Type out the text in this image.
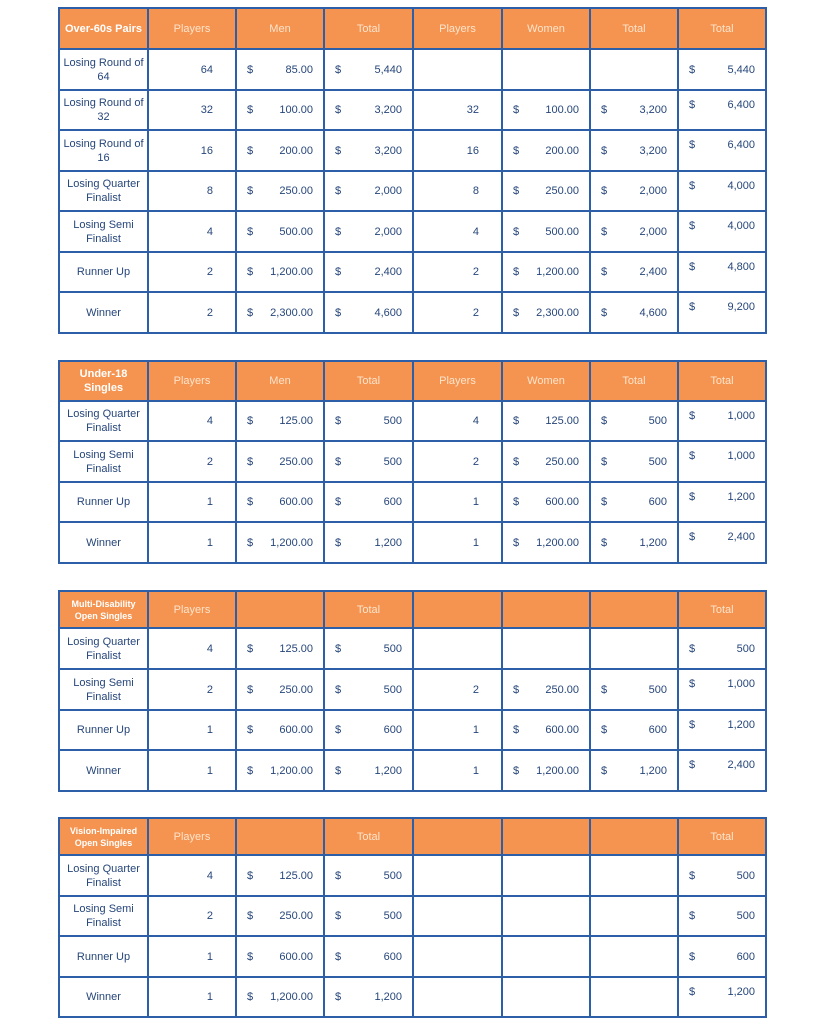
Over-60s Pairs	Players	Men	Total	Players	Women	Total	Total
Losing Round of 64	64	$ 85.00	$ 5,440				$ 5,440

Losing Round of 32	32	$ 100.00	$ 3,200	32	$ 100.00	$ 3,200	$ 6,400

Losing Round of 16	16	$ 200.00	$ 3,200	16	$ 200.00	$ 3,200	$ 6,400

Losing Quarter Finalist	8	$ 250.00	$ 2,000	8	$ 250.00	$ 2,000	$ 4,000

Losing Semi Finalist	4	$ 500.00	$ 2,000	4	$ 500.00	$ 2,000	$ 4,000

Runner Up	2	$ 1,200.00	$ 2,400	2	$ 1,200.00	$ 2,400	$ 4,800

Winner	2	$ 2,300.00	$ 4,600	2	$ 2,300.00	$ 4,600	$ 9,200
Under-18 Singles	Players	Men	Total	Players	Women	Total	Total
Losing Quarter Finalist	4	$ 125.00	$ 500	4	$ 125.00	$ 500	$ 1,000

Losing Semi Finalist	2	$ 250.00	$ 500	2	$ 250.00	$ 500	$ 1,000

Runner Up	1	$ 600.00	$ 600	1	$ 600.00	$ 600	$ 1,200

Winner	1	$ 1,200.00	$ 1,200	1	$ 1,200.00	$ 1,200	$ 2,400
Multi-Disability Open Singles	Players		Total				Total
Losing Quarter Finalist	4	$ 125.00	$ 500				$ 500

Losing Semi Finalist	2	$ 250.00	$ 500	2	$ 250.00	$ 500	$ 1,000

Runner Up	1	$ 600.00	$ 600	1	$ 600.00	$ 600	$ 1,200

Winner	1	$ 1,200.00	$ 1,200	1	$ 1,200.00	$ 1,200	$ 2,400
Vision-Impaired Open Singles	Players		Total				Total
Losing Quarter Finalist	4	$ 125.00	$ 500				$ 500

Losing Semi Finalist	2	$ 250.00	$ 500				$ 500

Runner Up	1	$ 600.00	$ 600				$ 600

Winner	1	$ 1,200.00	$ 1,200				$ 1,200
